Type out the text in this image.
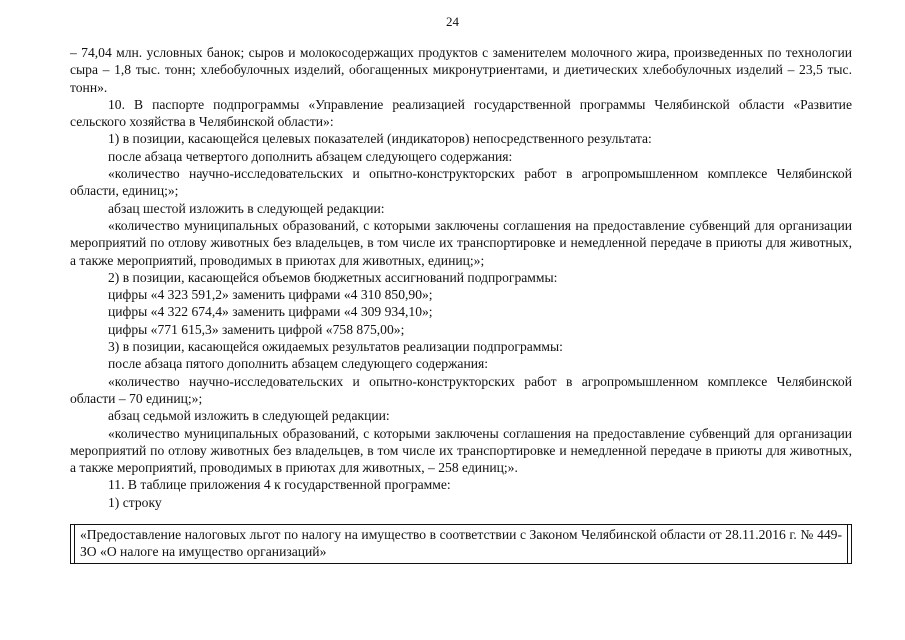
24

– 74,04 млн. условных банок; сыров и молокосодержащих продуктов с заменителем молочного жира, произведенных по технологии сыра – 1,8 тыс. тонн; хлебобулочных изделий, обогащенных микронутриентами, и диетических хлебобулочных изделий – 23,5 тыс. тонн».

10. В паспорте подпрограммы «Управление реализацией государственной программы Челябинской области «Развитие сельского хозяйства в Челябинской области»:

1) в позиции, касающейся целевых показателей (индикаторов) непосредственного результата:

после абзаца четвертого дополнить абзацем следующего содержания:

«количество научно-исследовательских и опытно-конструкторских работ в агропромышленном комплексе Челябинской области, единиц;»;

абзац шестой изложить в следующей редакции:

«количество муниципальных образований, с которыми заключены соглашения на предоставление субвенций для организации мероприятий по отлову животных без владельцев, в том числе их транспортировке и немедленной передаче в приюты для животных, а также мероприятий, проводимых в приютах для животных, единиц;»;

2) в позиции, касающейся объемов бюджетных ассигнований подпрограммы:

цифры «4 323 591,2» заменить цифрами «4 310 850,90»;

цифры «4 322 674,4» заменить цифрами «4 309 934,10»;

цифры «771 615,3» заменить цифрой «758 875,00»;

3) в позиции, касающейся ожидаемых результатов реализации подпрограммы:

после абзаца пятого дополнить абзацем следующего содержания:

«количество научно-исследовательских и опытно-конструкторских работ в агропромышленном комплексе Челябинской области – 70 единиц;»;

абзац седьмой изложить в следующей редакции:

«количество муниципальных образований, с которыми заключены соглашения на предоставление субвенций для организации мероприятий по отлову животных без владельцев, в том числе их транспортировке и немедленной передаче в приюты для животных, а также мероприятий, проводимых в приютах для животных, – 258 единиц;».

11. В таблице приложения 4 к государственной программе:

1) строку

«Предоставление налоговых льгот по налогу на имущество в соответствии с Законом Челябинской области от 28.11.2016 г. № 449-ЗО «О налоге на имущество организаций»
